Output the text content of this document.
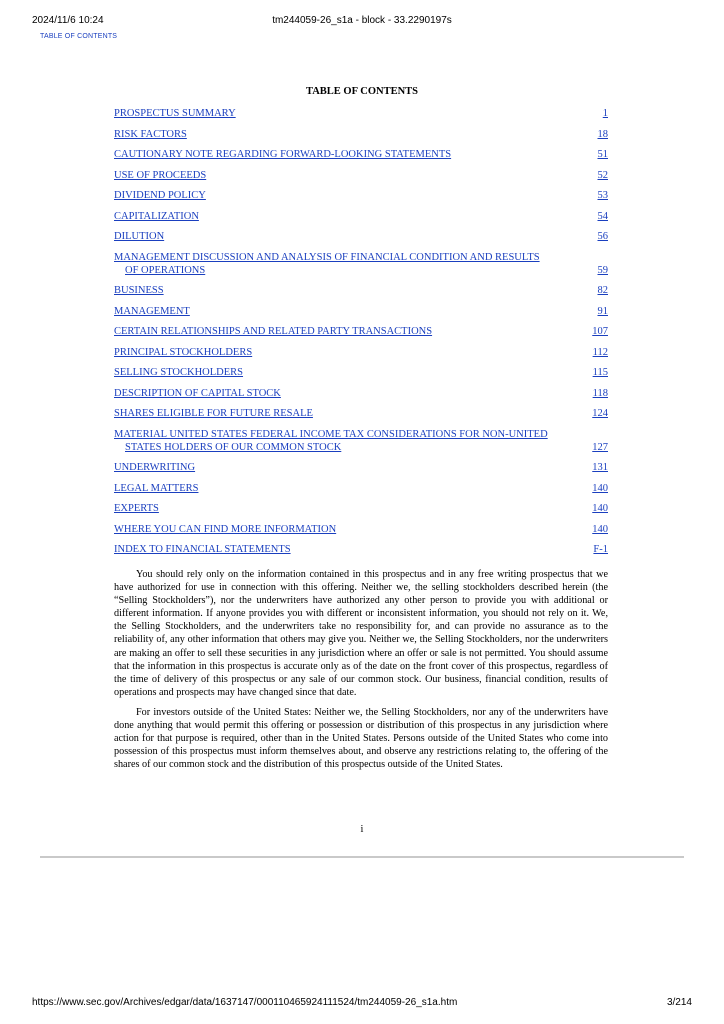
2024/11/6 10:24	tm244059-26_s1a - block - 33.2290197s
TABLE OF CONTENTS
TABLE OF CONTENTS
PROSPECTUS SUMMARY	1
RISK FACTORS	18
CAUTIONARY NOTE REGARDING FORWARD-LOOKING STATEMENTS	51
USE OF PROCEEDS	52
DIVIDEND POLICY	53
CAPITALIZATION	54
DILUTION	56
MANAGEMENT DISCUSSION AND ANALYSIS OF FINANCIAL CONDITION AND RESULTS
OF OPERATIONS	59
BUSINESS	82
MANAGEMENT	91
CERTAIN RELATIONSHIPS AND RELATED PARTY TRANSACTIONS	107
PRINCIPAL STOCKHOLDERS	112
SELLING STOCKHOLDERS	115
DESCRIPTION OF CAPITAL STOCK	118
SHARES ELIGIBLE FOR FUTURE RESALE	124
MATERIAL UNITED STATES FEDERAL INCOME TAX CONSIDERATIONS FOR NON-UNITED
STATES HOLDERS OF OUR COMMON STOCK	127
UNDERWRITING	131
LEGAL MATTERS	140
EXPERTS	140
WHERE YOU CAN FIND MORE INFORMATION	140
INDEX TO FINANCIAL STATEMENTS	F-1

You should rely only on the information contained in this prospectus and in any free writing prospectus that we have authorized for use in connection with this offering. Neither we, the selling stockholders described herein (the “Selling Stockholders”), nor the underwriters have authorized any other person to provide you with additional or different information. If anyone provides you with different or inconsistent information, you should not rely on it. We, the Selling Stockholders, and the underwriters take no responsibility for, and can provide no assurance as to the reliability of, any other information that others may give you. Neither we, the Selling Stockholders, nor the underwriters are making an offer to sell these securities in any jurisdiction where an offer or sale is not permitted. You should assume that the information in this prospectus is accurate only as of the date on the front cover of this prospectus, regardless of the time of delivery of this prospectus or any sale of our common stock. Our business, financial condition, results of operations and prospects may have changed since that date.

For investors outside of the United States: Neither we, the Selling Stockholders, nor any of the underwriters have done anything that would permit this offering or possession or distribution of this prospectus in any jurisdiction where action for that purpose is required, other than in the United States. Persons outside of the United States who come into possession of this prospectus must inform themselves about, and observe any restrictions relating to, the offering of the shares of our common stock and the distribution of this prospectus outside of the United States.

i
https://www.sec.gov/Archives/edgar/data/1637147/000110465924111524/tm244059-26_s1a.htm	3/214
